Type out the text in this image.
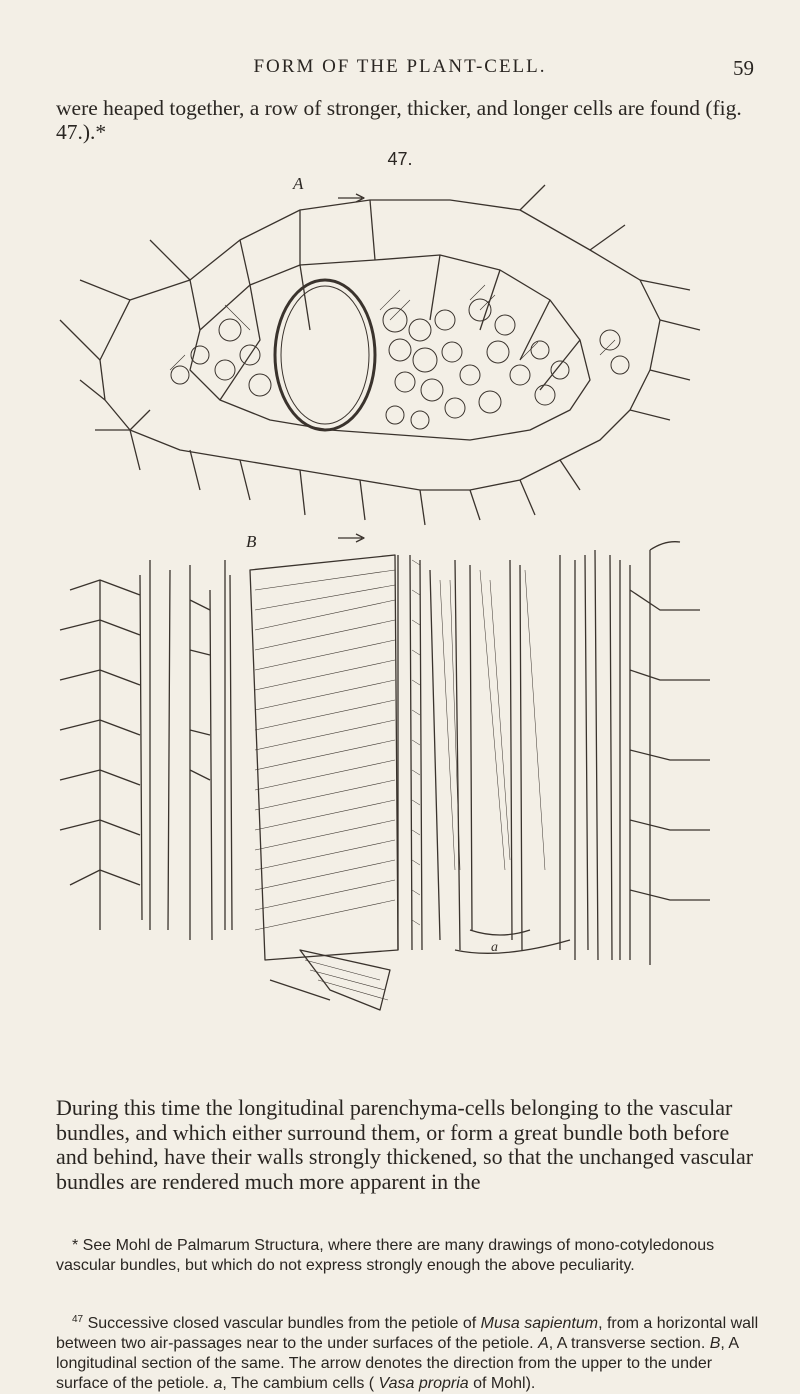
FORM OF THE PLANT-CELL.	59

were heaped together, a row of stronger, thicker, and longer cells are found (fig. 47.).*

47.
A
B
a

During this time the longitudinal parenchyma-cells belonging to the vascular bundles, and which either surround them, or form a great bundle both before and behind, have their walls strongly thickened, so that the unchanged vascular bundles are rendered much more apparent in the

* See Mohl de Palmarum Structura, where there are many drawings of mono-cotyledonous vascular bundles, but which do not express strongly enough the above peculiarity.

$^{47}$ Successive closed vascular bundles from the petiole of Musa sapientum, from a horizontal wall between two air-passages near to the under surfaces of the petiole. A, A transverse section. B, A longitudinal section of the same. The arrow denotes the direction from the upper to the under surface of the petiole. a, The cambium cells ( Vasa propria of Mohl).
